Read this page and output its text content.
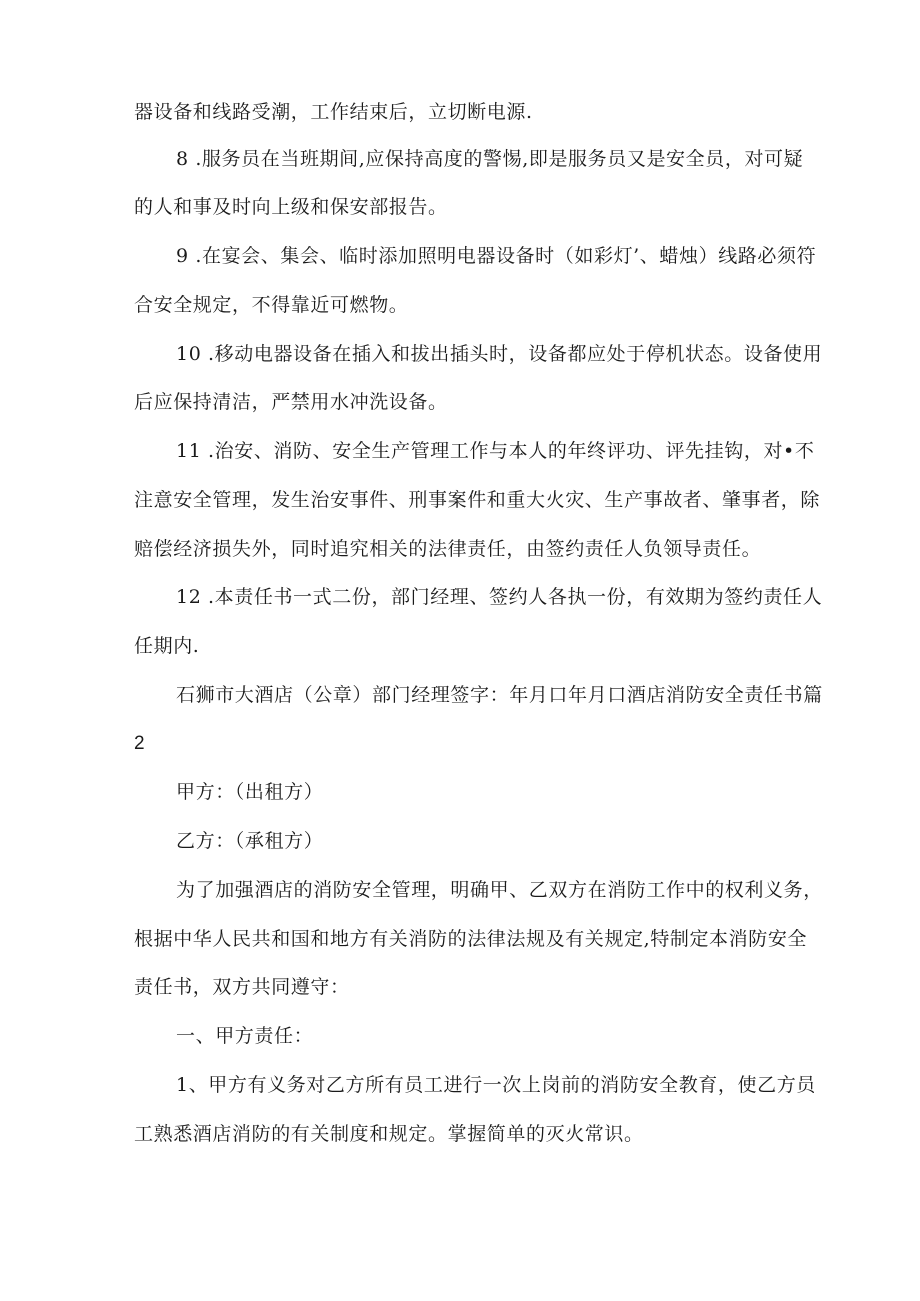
器设备和线路受潮，工作结束后，立切断电源.
8 .服务员在当班期间,应保持高度的警惕,即是服务员又是安全员，对可疑
的人和事及时向上级和保安部报告。
9 .在宴会、集会、临时添加照明电器设备时（如彩灯’、蜡烛）线路必须符
合安全规定，不得靠近可燃物。
10 .移动电器设备在插入和拔出插头时，设备都应处于停机状态。设备使用
后应保持清洁，严禁用水冲洗设备。
11 .治安、消防、安全生产管理工作与本人的年终评功、评先挂钩，对•不
注意安全管理，发生治安事件、刑事案件和重大火灾、生产事故者、肇事者，除
赔偿经济损失外，同时追究相关的法律责任，由签约责任人负领导责任。
12 .本责任书一式二份，部门经理、签约人各执一份，有效期为签约责任人
任期内.
石狮市大酒店（公章）部门经理签字：年月口年月口酒店消防安全责任书篇
2
甲方：（出租方）
乙方：（承租方）
为了加强酒店的消防安全管理，明确甲、乙双方在消防工作中的权利义务，
根据中华人民共和国和地方有关消防的法律法规及有关规定,特制定本消防安全
责任书，双方共同遵守：
一、甲方责任：
1、甲方有义务对乙方所有员工进行一次上岗前的消防安全教育，使乙方员
工熟悉酒店消防的有关制度和规定。掌握简单的灭火常识。
